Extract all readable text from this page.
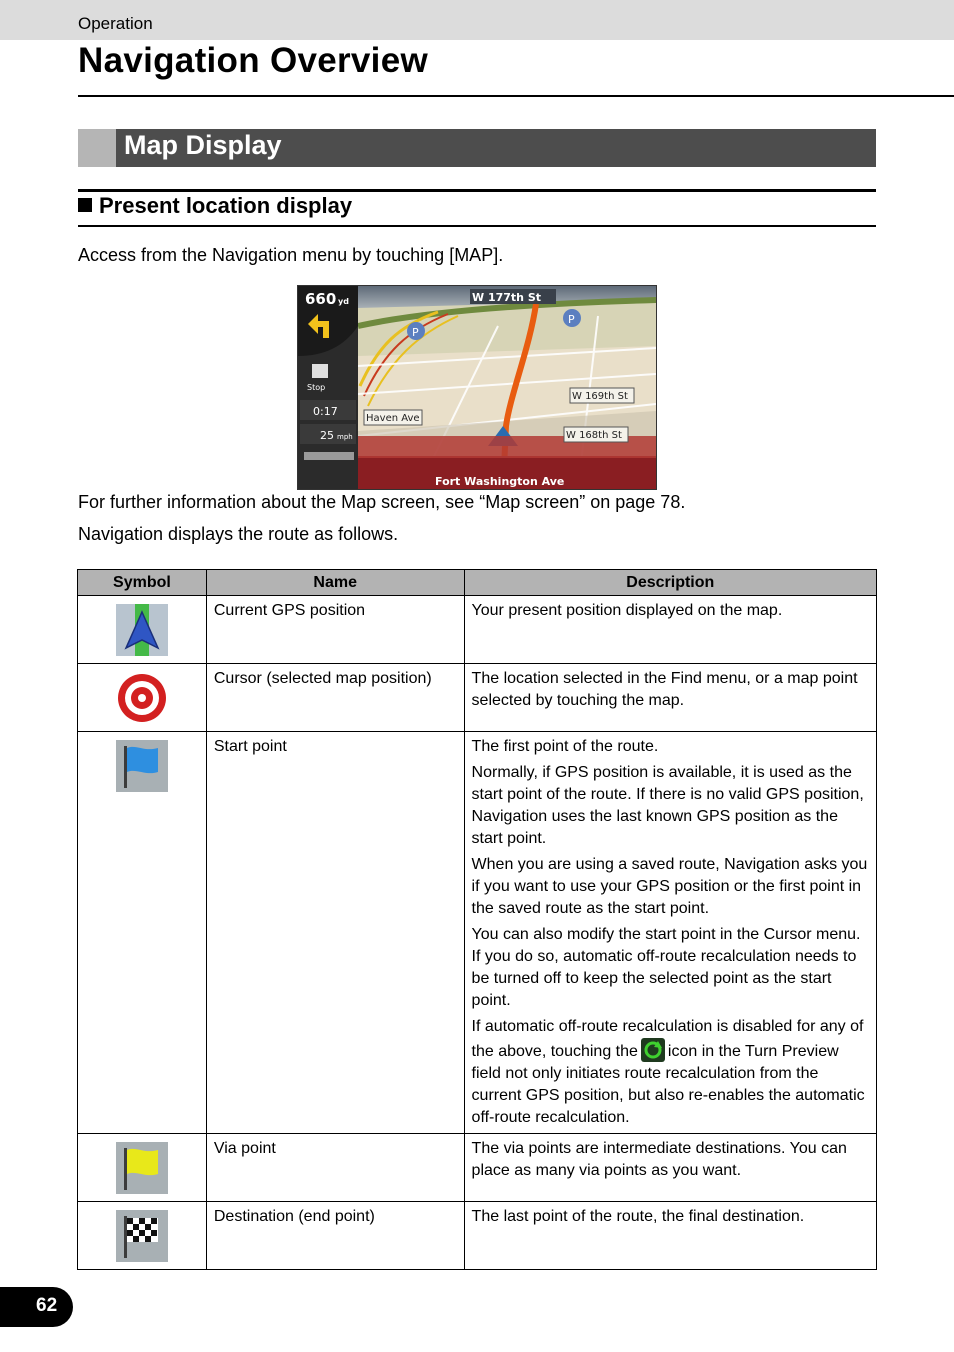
Operation
Navigation Overview
Map Display
Present location display
Access from the Navigation menu by touching [MAP].
P
P
660 yd
Stop
0:17
25 mph
W 177th St
Haven Ave
W 169th St
W 168th St
Fort Washington Ave
For further information about the Map screen, see “Map screen” on page 78.
Navigation displays the route as follows.
Symbol	Name	Description
	Current GPS position	Your present position displayed on the map.

	Cursor (selected map position)	The location selected in the Find menu, or a map point selected by touching the map.

	Start point	The first point of the route.

Normally, if GPS position is available, it is used as the start point of the route. If there is no valid GPS position, Navigation uses the last known GPS position as the start point.

When you are using a saved route, Navigation asks you if you want to use your GPS position or the first point in the saved route as the start point.

You can also modify the start point in the Cursor menu. If you do so, automatic off-route recalculation needs to be turned off to keep the selected point as the start point.

If automatic off-route recalculation is disabled for any of the above, touching the icon in the Turn Preview field not only initiates route recalculation from the current GPS position, but also re-enables the automatic off-route recalculation.

	Via point	The via points are intermediate destinations. You can place as many via points as you want.

	Destination (end point)	The last point of the route, the final destination.

62
